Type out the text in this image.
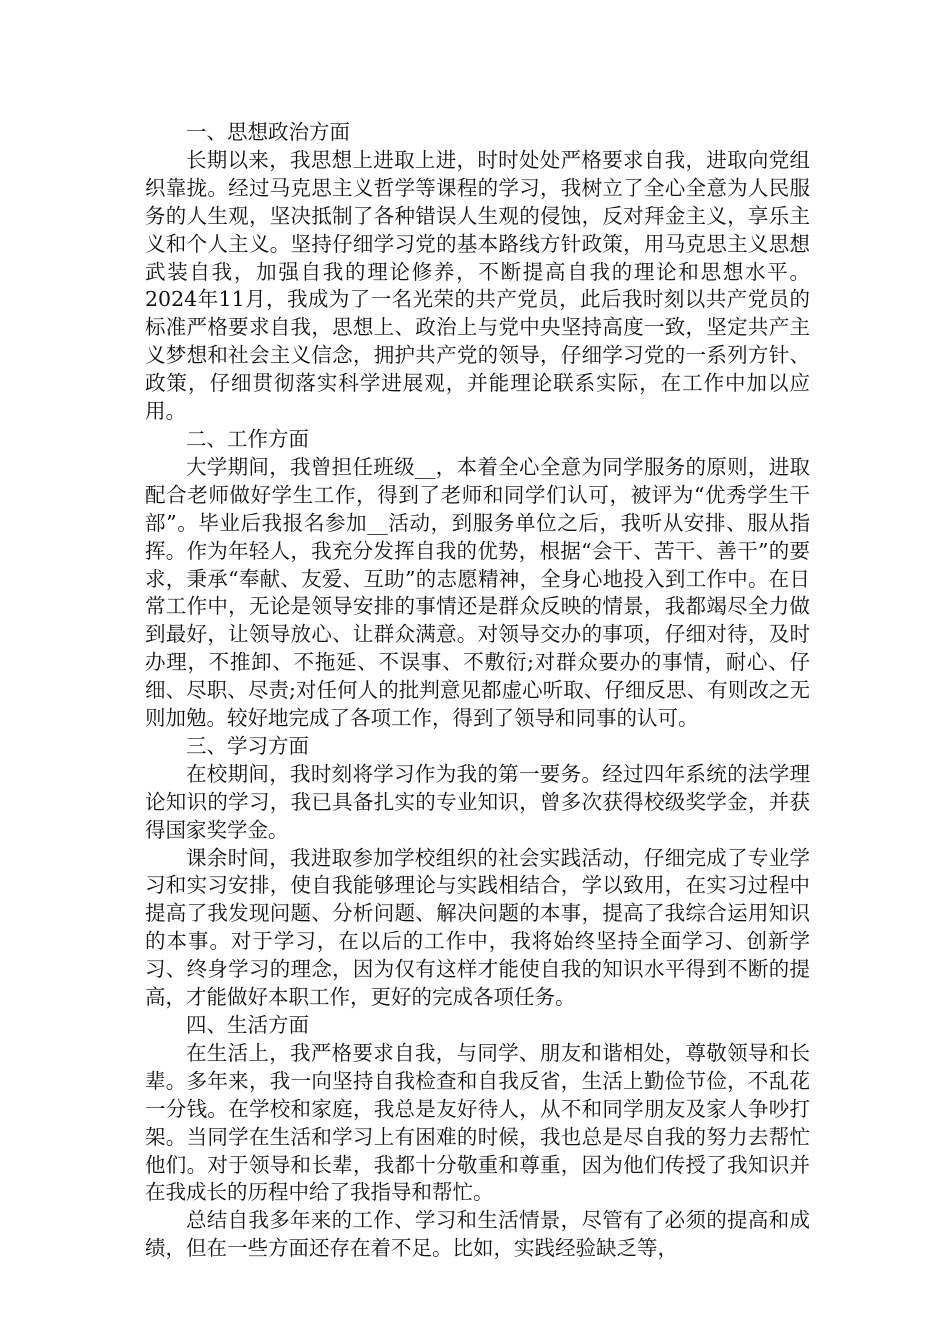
一、思想政治方面

长期以来，我思想上进取上进，时时处处严格要求自我，进取向党组织靠拢。经过马克思主义哲学等课程的学习，我树立了全心全意为人民服务的人生观，坚决抵制了各种错误人生观的侵蚀，反对拜金主义，享乐主义和个人主义。坚持仔细学习党的基本路线方针政策，用马克思主义思想武装自我，加强自我的理论修养，不断提高自我的理论和思想水平。2024年11月，我成为了一名光荣的共产党员，此后我时刻以共产党员的标准严格要求自我，思想上、政治上与党中央坚持高度一致，坚定共产主义梦想和社会主义信念，拥护共产党的领导，仔细学习党的一系列方针、政策，仔细贯彻落实科学进展观，并能理论联系实际，在工作中加以应用。

二、工作方面

大学期间，我曾担任班级__，本着全心全意为同学服务的原则，进取配合老师做好学生工作，得到了老师和同学们认可，被评为“优秀学生干部”。毕业后我报名参加__活动，到服务单位之后，我听从安排、服从指挥。作为年轻人，我充分发挥自我的优势，根据“会干、苦干、善干”的要求，秉承“奉献、友爱、互助”的志愿精神，全身心地投入到工作中。在日常工作中，无论是领导安排的事情还是群众反映的情景，我都竭尽全力做到最好，让领导放心、让群众满意。对领导交办的事项，仔细对待，及时办理，不推卸、不拖延、不误事、不敷衍;对群众要办的事情，耐心、仔细、尽职、尽责;对任何人的批判意见都虚心听取、仔细反思、有则改之无则加勉。较好地完成了各项工作，得到了领导和同事的认可。

三、学习方面

在校期间，我时刻将学习作为我的第一要务。经过四年系统的法学理论知识的学习，我已具备扎实的专业知识，曾多次获得校级奖学金，并获得国家奖学金。

课余时间，我进取参加学校组织的社会实践活动，仔细完成了专业学习和实习安排，使自我能够理论与实践相结合，学以致用，在实习过程中提高了我发现问题、分析问题、解决问题的本事，提高了我综合运用知识的本事。对于学习，在以后的工作中，我将始终坚持全面学习、创新学习、终身学习的理念，因为仅有这样才能使自我的知识水平得到不断的提高，才能做好本职工作，更好的完成各项任务。

四、生活方面

在生活上，我严格要求自我，与同学、朋友和谐相处，尊敬领导和长辈。多年来，我一向坚持自我检查和自我反省，生活上勤俭节俭，不乱花一分钱。在学校和家庭，我总是友好待人，从不和同学朋友及家人争吵打架。当同学在生活和学习上有困难的时候，我也总是尽自我的努力去帮忙他们。对于领导和长辈，我都十分敬重和尊重，因为他们传授了我知识并在我成长的历程中给了我指导和帮忙。

总结自我多年来的工作、学习和生活情景，尽管有了必须的提高和成绩，但在一些方面还存在着不足。比如，实践经验缺乏等，
